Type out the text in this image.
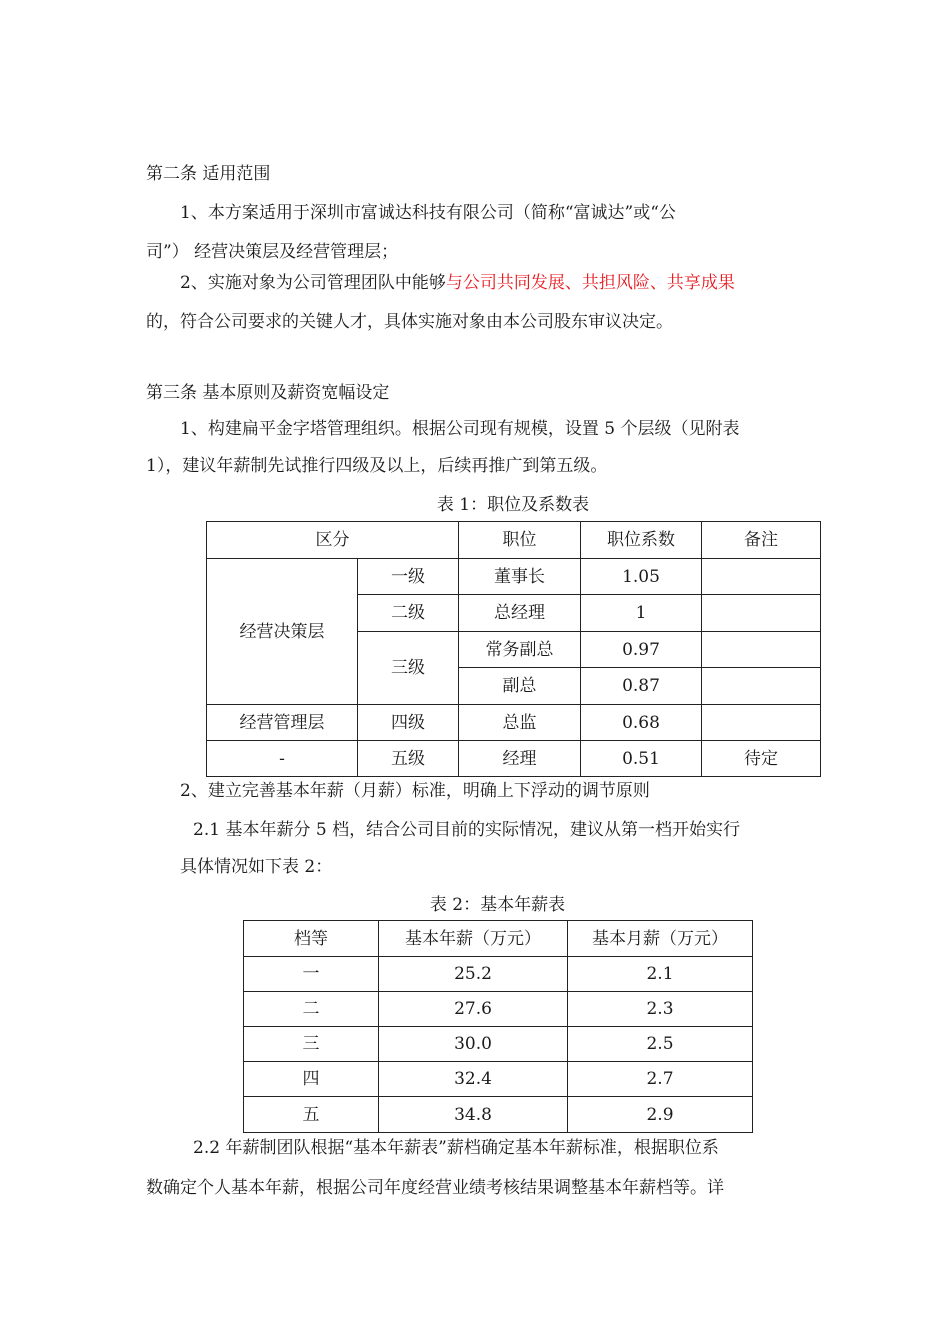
第二条 适用范围
1、本方案适用于深圳市富诚达科技有限公司（简称“富诚达”或“公
司”） 经营决策层及经营管理层；
2、实施对象为公司管理团队中能够与公司共同发展、共担风险、共享成果
的，符合公司要求的关键人才，具体实施对象由本公司股东审议决定。
第三条 基本原则及薪资宽幅设定
1、构建扁平金字塔管理组织。根据公司现有规模，设置 5 个层级（见附表
1），建议年薪制先试推行四级及以上，后续再推广到第五级。
表 1：职位及系数表
区分		职位	职位系数	备注
经营决策层	一级	董事长	1.05	
	二级	总经理	1	
	三级	常务副总	0.97	
		副总	0.87	
经营管理层	四级	总监	0.68	
-	五级	经理	0.51	待定
2、建立完善基本年薪（月薪）标准，明确上下浮动的调节原则
2.1 基本年薪分 5 档，结合公司目前的实际情况，建议从第一档开始实行
具体情况如下表 2：
表 2：基本年薪表
档等	基本年薪（万元）	基本月薪（万元）
一	25.2	2.1
二	27.6	2.3
三	30.0	2.5
四	32.4	2.7
五	34.8	2.9
2.2 年薪制团队根据“基本年薪表”薪档确定基本年薪标准，根据职位系
数确定个人基本年薪，根据公司年度经营业绩考核结果调整基本年薪档等。详
